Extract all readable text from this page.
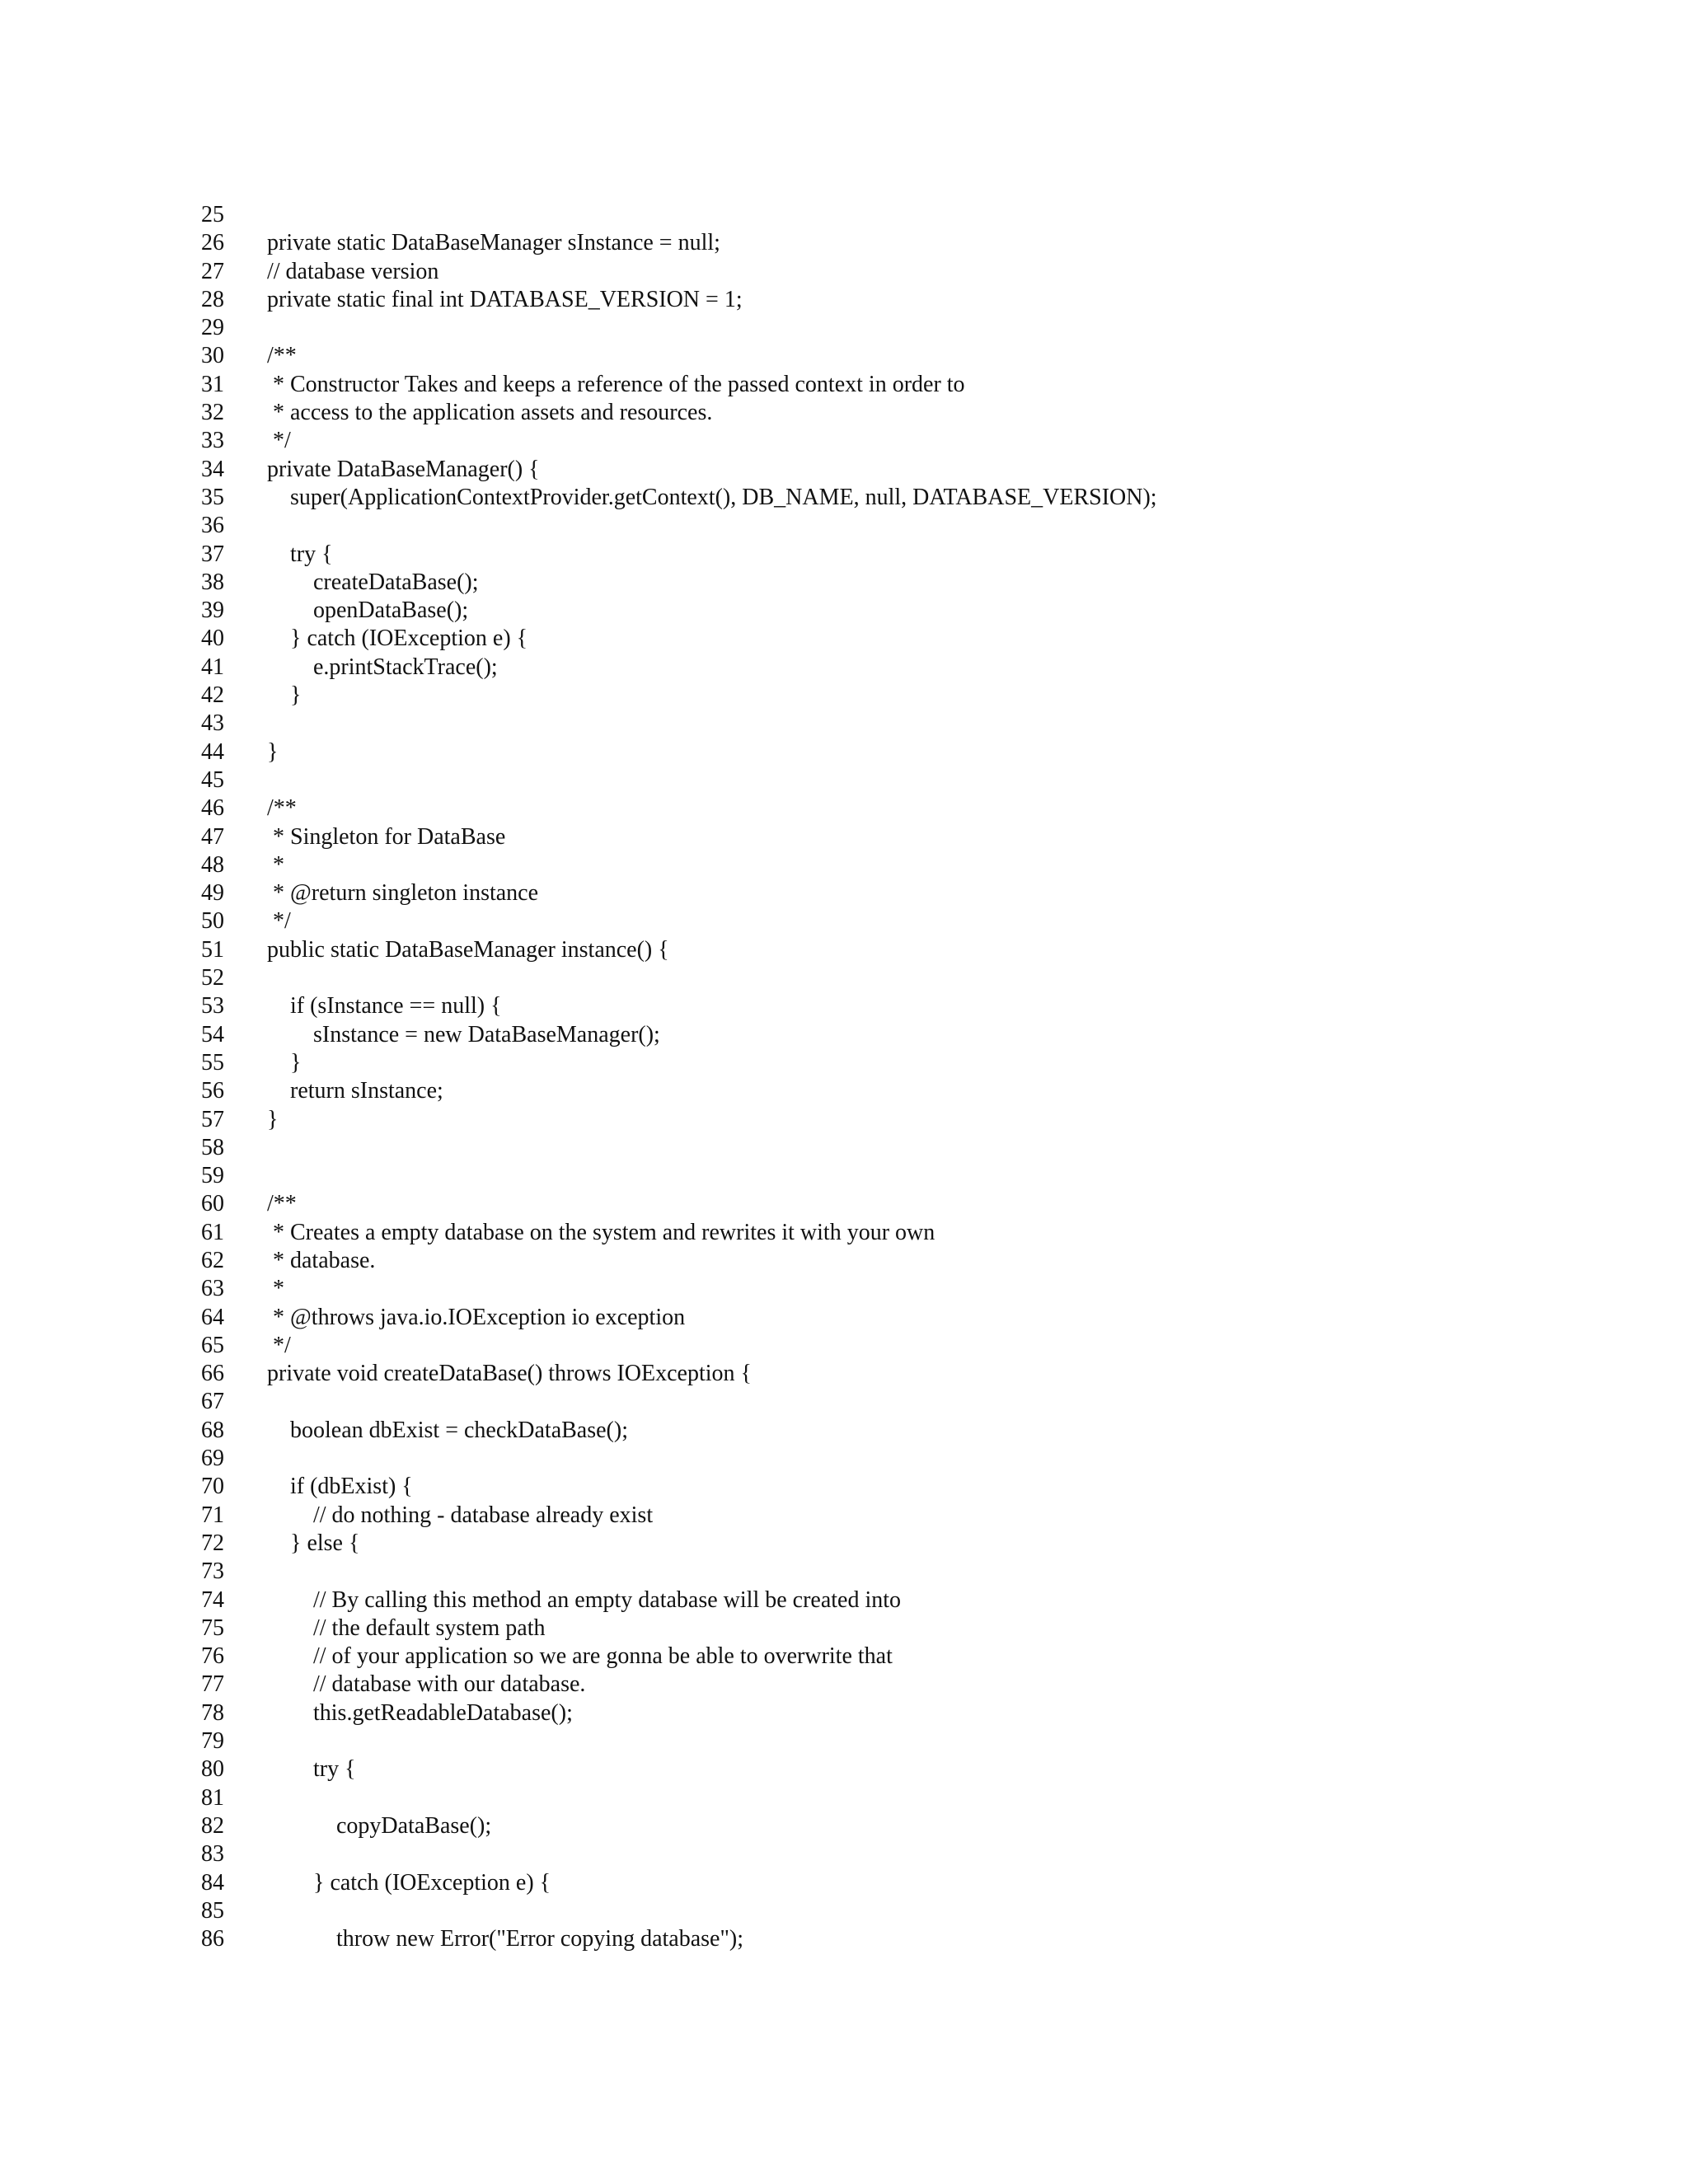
25
26	private static DataBaseManager sInstance = null;
27	// database version
28	private static final int DATABASE_VERSION = 1;
29
30	/**
31	* Constructor Takes and keeps a reference of the passed context in order to
32	* access to the application assets and resources.
33	*/
34	private DataBaseManager() {
35	super(ApplicationContextProvider.getContext(), DB_NAME, null, DATABASE_VERSION);
36
37	try {
38	createDataBase();
39	openDataBase();
40	} catch (IOException e) {
41	e.printStackTrace();
42	}
43
44	}
45
46	/**
47	* Singleton for DataBase
48	*
49	* @return singleton instance
50	*/
51	public static DataBaseManager instance() {
52
53	if (sInstance == null) {
54	sInstance = new DataBaseManager();
55	}
56	return sInstance;
57	}
58
59
60	/**
61	* Creates a empty database on the system and rewrites it with your own
62	* database.
63	*
64	* @throws java.io.IOException io exception
65	*/
66	private void createDataBase() throws IOException {
67
68	boolean dbExist = checkDataBase();
69
70	if (dbExist) {
71	// do nothing - database already exist
72	} else {
73
74	// By calling this method an empty database will be created into
75	// the default system path
76	// of your application so we are gonna be able to overwrite that
77	// database with our database.
78	this.getReadableDatabase();
79
80	try {
81
82	copyDataBase();
83
84	} catch (IOException e) {
85
86	throw new Error("Error copying database");
